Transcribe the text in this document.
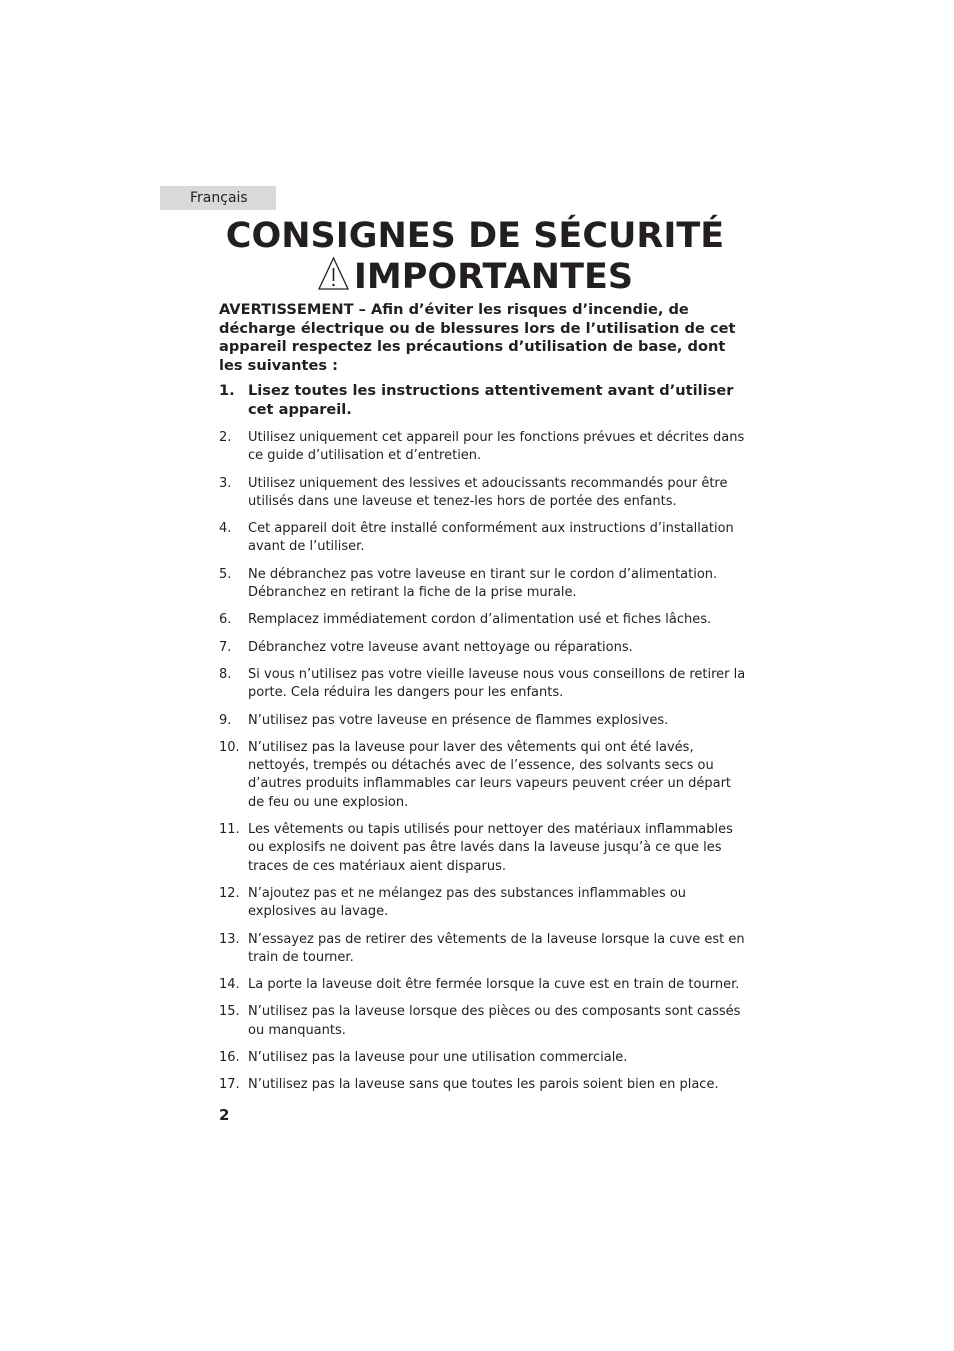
Français
CONSIGNES DE SÉCURITÉ
IMPORTANTES
AVERTISSEMENT – Afin d’éviter les risques d’incendie, de décharge électrique ou de blessures lors de l’utilisation de cet appareil respectez les précautions d’utilisation de base, dont les suivantes :
1. Lisez toutes les instructions attentivement avant d’utiliser cet appareil.
2. Utilisez uniquement cet appareil pour les fonctions prévues et décrites dans ce guide d’utilisation et d’entretien.
3. Utilisez uniquement des lessives et adoucissants recommandés pour être utilisés dans une laveuse et tenez-les hors de portée des enfants.
4. Cet appareil doit être installé conformément aux instructions d’installation avant de l’utiliser.
5. Ne débranchez pas votre laveuse en tirant sur le cordon d’alimentation. Débranchez en retirant la fiche de la prise murale.
6. Remplacez immédiatement cordon d’alimentation usé et fiches lâches.
7. Débranchez votre laveuse avant nettoyage ou réparations.
8. Si vous n’utilisez pas votre vieille laveuse nous vous conseillons de retirer la porte. Cela réduira les dangers pour les enfants.
9. N’utilisez pas votre laveuse en présence de flammes explosives.
10. N’utilisez pas la laveuse pour laver des vêtements qui ont été lavés, nettoyés, trempés ou détachés avec de l’essence, des solvants secs ou d’autres produits inflammables car leurs vapeurs peuvent créer un départ de feu ou une explosion.
11. Les vêtements ou tapis utilisés pour nettoyer des matériaux inflammables ou explosifs ne doivent pas être lavés dans la laveuse jusqu’à ce que les traces de ces matériaux aient disparus.
12. N’ajoutez pas et ne mélangez pas des substances inflammables ou explosives au lavage.
13. N’essayez pas de retirer des vêtements de la laveuse lorsque la cuve est en train de tourner.
14. La porte la laveuse doit être fermée lorsque la cuve est en train de tourner.
15. N’utilisez pas la laveuse lorsque des pièces ou des composants sont cassés ou manquants.
16. N’utilisez pas la laveuse pour une utilisation commerciale.
17. N’utilisez pas la laveuse sans que toutes les parois soient bien en place.
2
